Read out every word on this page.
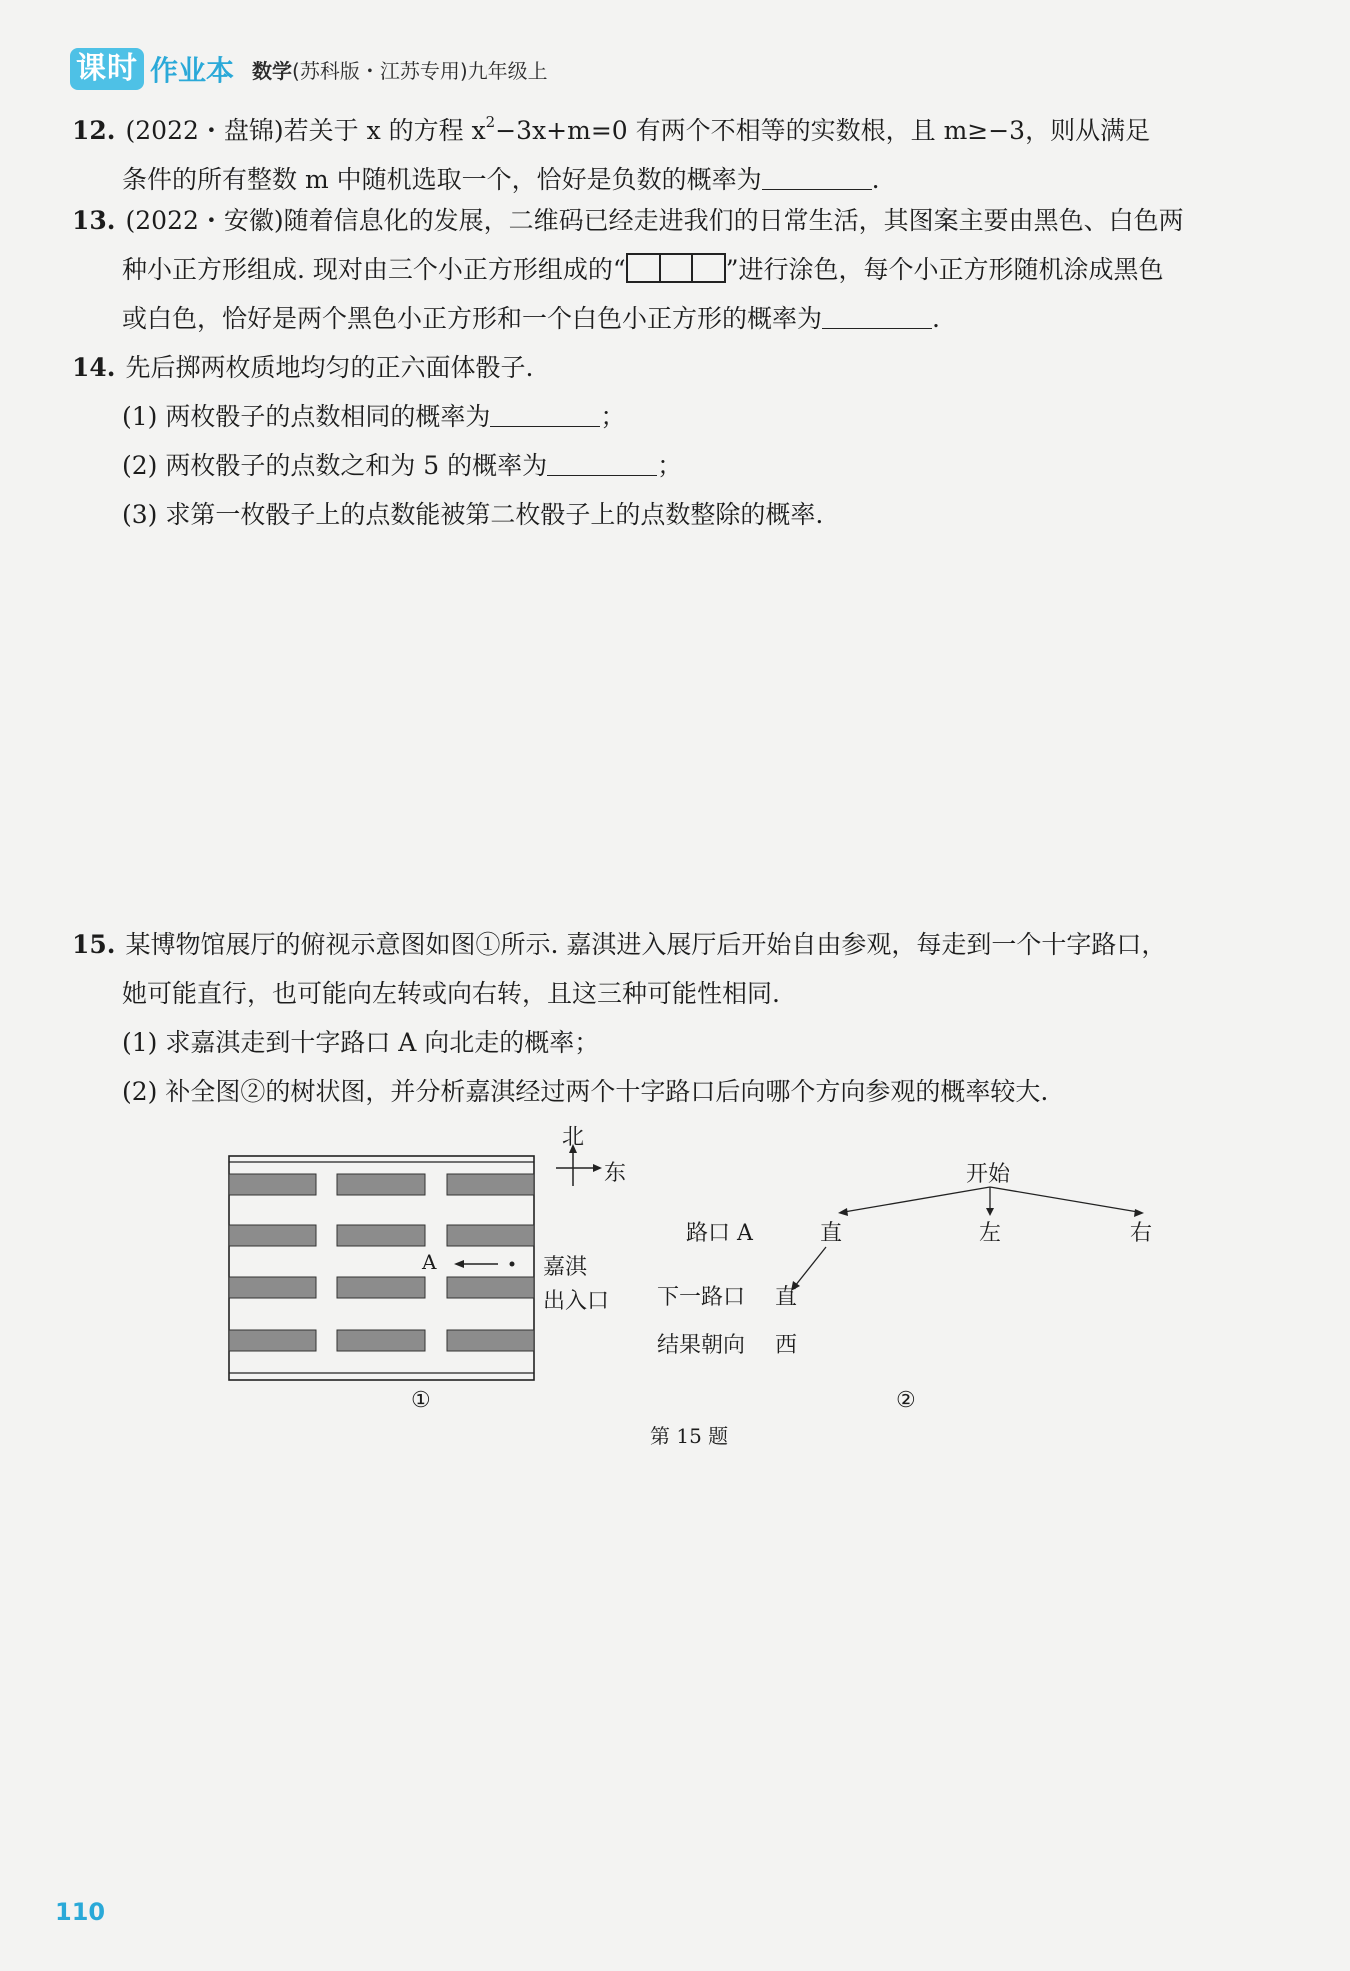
课时 作业本 数学(苏科版・江苏专用)九年级上
12. (2022・盘锦)若关于 x 的方程 $x^2-3x+m=0$ 有两个不相等的实数根，且 m≥−3，则从满足
条件的所有整数 m 中随机选取一个，恰好是负数的概率为	.
13. (2022・安徽)随着信息化的发展，二维码已经走进我们的日常生活，其图案主要由黑色、白色两
种小正方形组成. 现对由三个小正方形组成的“	”进行涂色，每个小正方形随机涂成黑色
或白色，恰好是两个黑色小正方形和一个白色小正方形的概率为	.
14. 先后掷两枚质地均匀的正六面体骰子.
(1) 两枚骰子的点数相同的概率为	；
(2) 两枚骰子的点数之和为 5 的概率为	；
(3) 求第一枚骰子上的点数能被第二枚骰子上的点数整除的概率.
15. 某博物馆展厅的俯视示意图如图①所示. 嘉淇进入展厅后开始自由参观，每走到一个十字路口，
她可能直行，也可能向左转或向右转，且这三种可能性相同.
(1) 求嘉淇走到十字路口 A 向北走的概率；
(2) 补全图②的树状图，并分析嘉淇经过两个十字路口后向哪个方向参观的概率较大.
北
东
A	嘉淇
出入口
①
开始
路口 A	直	左	右
下一路口 直
结果朝向 西
②
第 15 题
110
